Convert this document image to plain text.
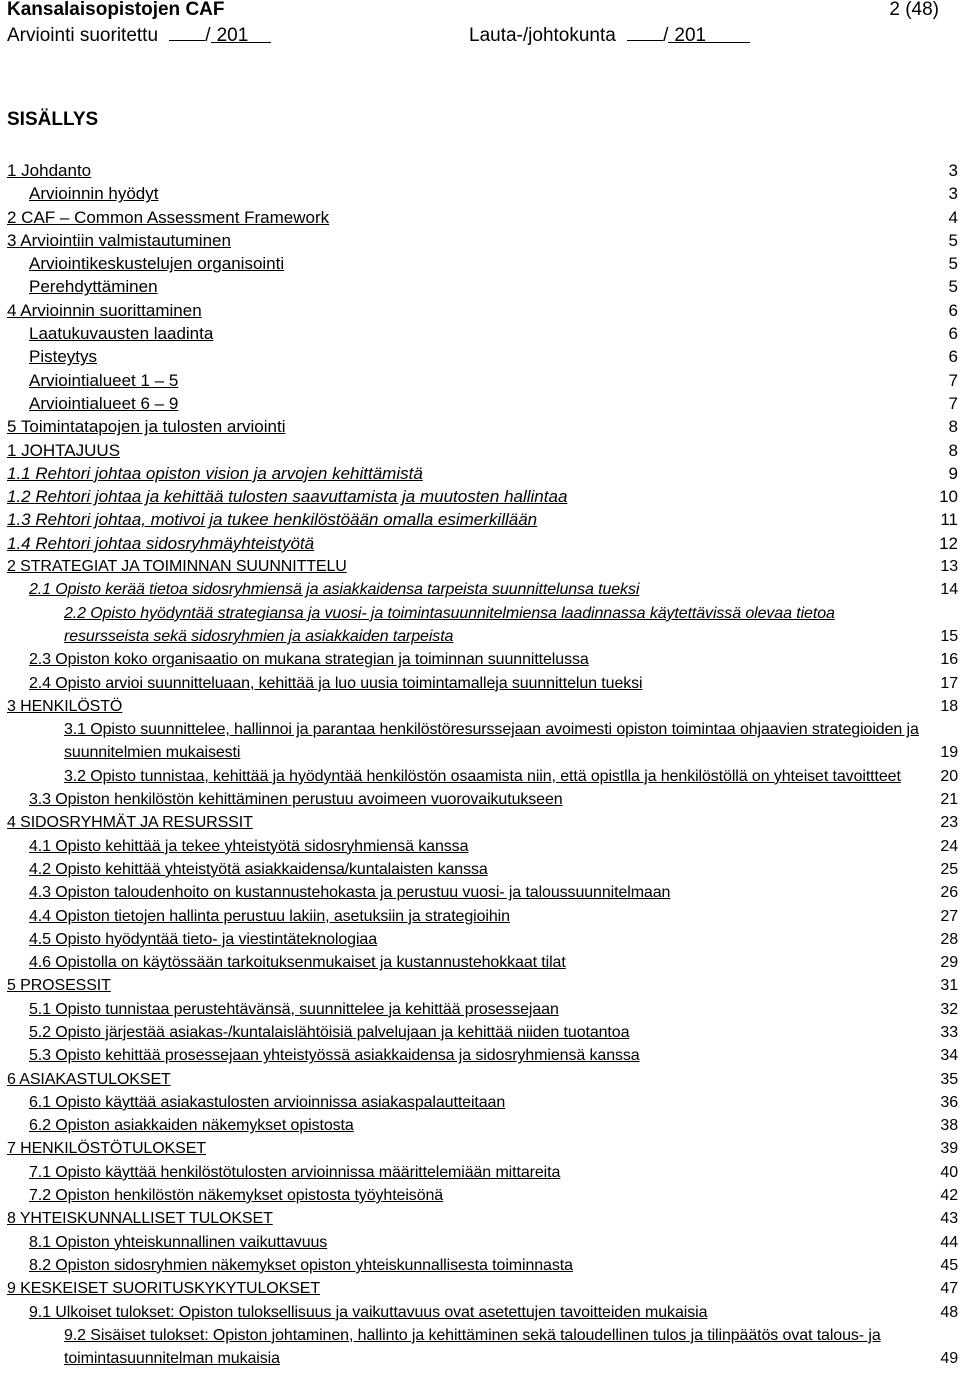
Kansalaisopistojen CAF	2 (48)
Arviointi suoritettu / 201	Lauta-/johtokunta / 201
SISÄLLYS
1 Johdanto	3
Arvioinnin hyödyt	3
2 CAF – Common Assessment Framework	4
3 Arviointiin valmistautuminen	5
Arviointikeskustelujen organisointi	5
Perehdyttäminen	5
4 Arvioinnin suorittaminen	6
Laatukuvausten laadinta	6
Pisteytys	6
Arviointialueet 1 – 5	7
Arviointialueet 6 – 9	7
5 Toimintatapojen ja tulosten arviointi	8
1 JOHTAJUUS	8
1.1 Rehtori johtaa opiston vision ja arvojen kehittämistä	9
1.2 Rehtori johtaa ja kehittää tulosten saavuttamista ja muutosten hallintaa	10
1.3 Rehtori johtaa, motivoi ja tukee henkilöstöään omalla esimerkillään	11
1.4 Rehtori johtaa sidosryhmäyhteistyötä	12
2 STRATEGIAT JA TOIMINNAN SUUNNITTELU	13
2.1 Opisto kerää tietoa sidosryhmiensä ja asiakkaidensa tarpeista suunnittelunsa tueksi	14
2.2 Opisto hyödyntää strategiansa ja vuosi- ja toimintasuunnitelmiensa laadinnassa käytettävissä olevaa tietoa resursseista sekä sidosryhmien ja asiakkaiden tarpeista	15
2.3 Opiston koko organisaatio on mukana strategian ja toiminnan suunnittelussa	16
2.4 Opisto arvioi suunnitteluaan, kehittää ja luo uusia toimintamalleja suunnittelun tueksi	17
3 HENKILÖSTÖ	18
3.1 Opisto suunnittelee, hallinnoi ja parantaa henkilöstöresurssejaan avoimesti opiston toimintaa ohjaavien strategioiden ja suunnitelmien mukaisesti	19
3.2 Opisto tunnistaa, kehittää ja hyödyntää henkilöstön osaamista niin, että opistlla ja henkilöstöllä on yhteiset tavoittteet	20
3.3 Opiston henkilöstön kehittäminen perustuu avoimeen vuorovaikutukseen	21
4 SIDOSRYHMÄT JA RESURSSIT	23
4.1 Opisto kehittää ja tekee yhteistyötä sidosryhmiensä kanssa	24
4.2 Opisto kehittää yhteistyötä asiakkaidensa/kuntalaisten kanssa	25
4.3 Opiston taloudenhoito on kustannustehokasta ja perustuu vuosi- ja taloussuunnitelmaan	26
4.4 Opiston tietojen hallinta perustuu lakiin, asetuksiin ja strategioihin	27
4.5 Opisto hyödyntää tieto- ja viestintäteknologiaa	28
4.6 Opistolla on käytössään tarkoituksenmukaiset ja kustannustehokkaat tilat	29
5 PROSESSIT	31
5.1 Opisto tunnistaa perustehtävänsä, suunnittelee ja kehittää prosessejaan	32
5.2 Opisto järjestää asiakas-/kuntalaislähtöisiä palvelujaan ja kehittää niiden tuotantoa	33
5.3 Opisto kehittää prosessejaan yhteistyössä asiakkaidensa ja sidosryhmiensä kanssa	34
6 ASIAKASTULOKSET	35
6.1 Opisto käyttää asiakastulosten arvioinnissa asiakaspalautteitaan	36
6.2 Opiston asiakkaiden näkemykset opistosta	38
7 HENKILÖSTÖTULOKSET	39
7.1 Opisto käyttää henkilöstötulosten arvioinnissa määrittelemiään mittareita	40
7.2 Opiston henkilöstön näkemykset opistosta työyhteisönä	42
8 YHTEISKUNNALLISET TULOKSET	43
8.1 Opiston yhteiskunnallinen vaikuttavuus	44
8.2 Opiston sidosryhmien näkemykset opiston yhteiskunnallisesta toiminnasta	45
9 KESKEISET SUORITUSKYKYTULOKSET	47
9.1 Ulkoiset tulokset: Opiston tuloksellisuus ja vaikuttavuus ovat asetettujen tavoitteiden mukaisia	48
9.2 Sisäiset tulokset: Opiston johtaminen, hallinto ja kehittäminen sekä taloudellinen tulos ja tilinpäätös ovat talous- ja toimintasuunnitelman mukaisia	49
